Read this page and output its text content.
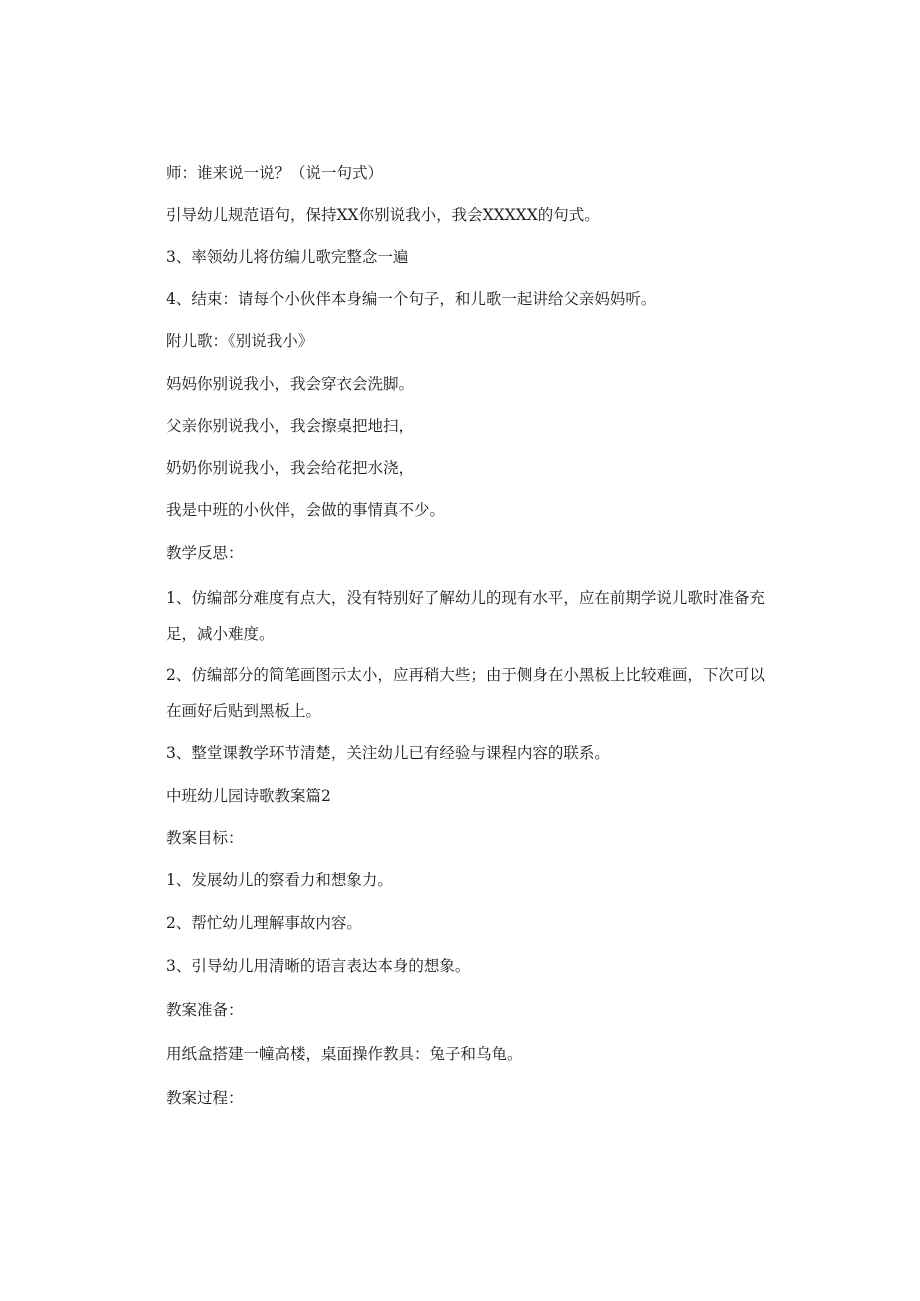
师：谁来说一说？（说一句式）

引导幼儿规范语句，保持XX你别说我小，我会XXXXX的句式。

3、率领幼儿将仿编儿歌完整念一遍

4、结束：请每个小伙伴本身编一个句子，和儿歌一起讲给父亲妈妈听。

附儿歌：《别说我小》

妈妈你别说我小，我会穿衣会洗脚。

父亲你别说我小，我会擦桌把地扫，

奶奶你别说我小，我会给花把水浇，

我是中班的小伙伴，会做的事情真不少。

教学反思：

1、仿编部分难度有点大，没有特别好了解幼儿的现有水平，应在前期学说儿歌时准备充足，减小难度。

2、仿编部分的简笔画图示太小，应再稍大些；由于侧身在小黑板上比较难画，下次可以在画好后贴到黑板上。

3、整堂课教学环节清楚，关注幼儿已有经验与课程内容的联系。

中班幼儿园诗歌教案篇2

教案目标：

1、发展幼儿的察看力和想象力。

2、帮忙幼儿理解事故内容。

3、引导幼儿用清晰的语言表达本身的想象。

教案准备：

用纸盒搭建一幢高楼，桌面操作教具：兔子和乌龟。

教案过程：
